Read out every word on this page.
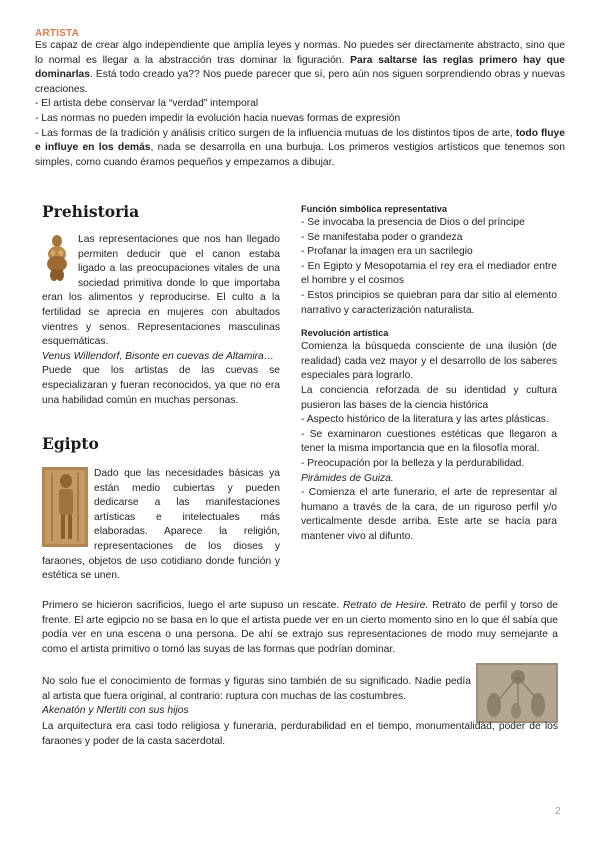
ARTISTA

Es capaz de crear algo independiente que amplía leyes y normas. No puedes ser directamente abstracto, sino que lo normal es llegar a la abstracción tras dominar la figuración. Para saltarse las reglas primero hay que dominarlas. Está todo creado ya?? Nos puede parecer que sí, pero aún nos siguen sorprendiendo obras y nuevas creaciones.

- El artista debe conservar la “verdad” intemporal

- Las normas no pueden impedir la evolución hacia nuevas formas de expresión

- Las formas de la tradición y análisis crítico surgen de la influencia mutuas de los distintos tipos de arte, todo fluye e influye en los demás, nada se desarrolla en una burbuja. Los primeros vestigios artísticos que tenemos son simples, como cuando éramos pequeños y empezamos a dibujar.

Prehistoria

Las representaciones que nos han llegado permiten deducir que el canon estaba ligado a las preocupaciones vitales de una sociedad primitiva donde lo que importaba eran los alimentos y reproducirse. El culto a la fertilidad se aprecia en mujeres con abultados vientres y senos. Representaciones masculinas esquemáticas.

Venus Willendorf, Bisonte en cuevas de Altamira…

Puede que los artistas de las cuevas se especializaran y fueran reconocidos, ya que no era una habilidad común en muchas personas.

Egipto

Dado que las necesidades básicas ya están medio cubiertas y pueden dedicarse a las manifestaciones artísticas e intelectuales más elaboradas. Aparece la religión, representaciones de los dioses y faraones, objetos de uso cotidiano donde función y estética se unen.

Función simbólica representativa

- Se invocaba la presencia de Dios o del príncipe

- Se manifestaba poder o grandeza

- Profanar la imagen era un sacrilegio

- En Egipto y Mesopotamia el rey era el mediador entre el hombre y el cosmos

- Estos principios se quiebran para dar sitio al elemento narrativo y caracterización naturalista.

Revolución artística

Comienza la búsqueda consciente de una ilusión (de realidad) cada vez mayor y el desarrollo de los saberes especiales para lograrlo.

La conciencia reforzada de su identidad y cultura pusieron las bases de la ciencia histórica

- Aspecto histórico de la literatura y las artes plásticas.

- Se examinaron cuestiones estéticas que llegaron a tener la misma importancia que en la filosofía moral.

- Preocupación por la belleza y la perdurabilidad.

Pirámides de Guiza.

- Comienza el arte funerario, el arte de representar al humano a través de la cara, de un riguroso perfil y/o verticalmente desde arriba. Este arte se hacía para mantener vivo al difunto.

Primero se hicieron sacrificios, luego el arte supuso un rescate. Retrato de Hesire. Retrato de perfil y torso de frente. El arte egipcio no se basa en lo que el artista puede ver en un cierto momento sino en lo que él sabía que podía ver en una escena o una persona. De ahí se extrajo sus representaciones de modo muy semejante a como el artista primitivo o tomó las suyas de las formas que podrían dominar.

No solo fue el conocimiento de formas y figuras sino también de su significado. Nadie pedía al artista que fuera original, al contrario: ruptura con muchas de las costumbres.

Akenatón y Nfertiti con sus hijos

La arquitectura era casi todo religiosa y funeraria, perdurabilidad en el tiempo, monumentalidad, poder de los faraones y poder de la casta sacerdotal.

2
